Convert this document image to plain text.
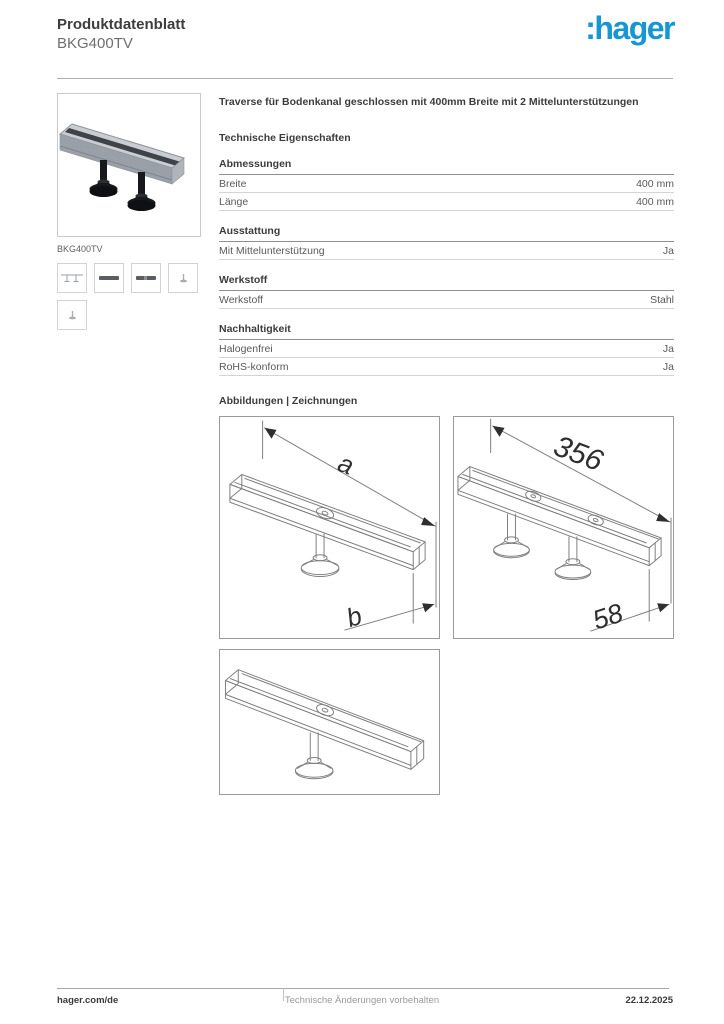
Produktdatenblatt
BKG400TV	:hager
BKG400TV
Traverse für Bodenkanal geschlossen mit 400mm Breite mit 2 Mittelunterstützungen
Technische Eigenschaften
Abmessungen
Breite	400 mm
Länge	400 mm
Ausstattung
Mit Mittelunterstützung	Ja
Werkstoff
Werkstoff	Stahl
Nachhaltigkeit
Halogenfrei	Ja
RoHS-konform	Ja
Abbildungen | Zeichnungen
a
b
356
58
Technische Änderungen vorbehalten
hager.com/de	22.12.2025
